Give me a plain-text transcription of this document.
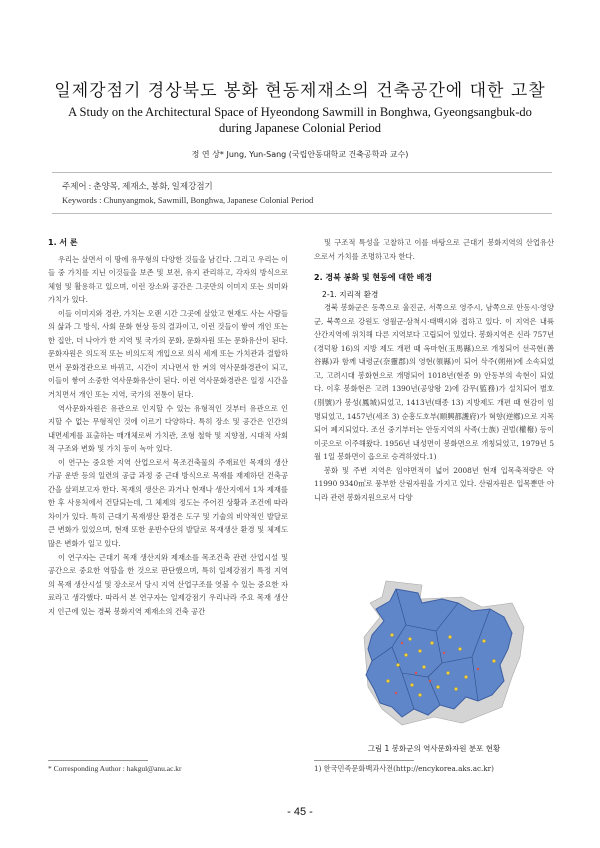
일제강점기 경상북도 봉화 현동제재소의 건축공간에 대한 고찰
A Study on the Architectural Space of Hyeondong Sawmill in Bonghwa, Gyeongsangbuk-do
during Japanese Colonial Period
정 연 상* Jung, Yun-Sang (국립안동대학교 건축공학과 교수)
주제어 : 춘양목, 제재소, 봉화, 일제강점기
Keywords : Chunyangmok, Sawmill, Bonghwa, Japanese Colonial Period
1. 서 론

우리는 살면서 이 땅에 유무형의 다양한 것들을 남긴다. 그리고 우리는 이들 중 가치를 지닌 이것들을 보존 및 보전, 유지 관리하고, 각자의 방식으로 체험 및 활용하고 있으며, 이런 장소와 공간은 그곳만의 이미지 또는 의미와 가치가 있다.

이들 이미지와 경관, 가치는 오랜 시간 그곳에 살았고 현재도 사는 사람들의 삶과 그 방식, 사회 문화 현상 등의 결과이고, 이런 것들이 쌓여 개인 또는 한 집안, 더 나아가 한 지역 및 국가의 문화, 문화자원 또는 문화유산이 된다. 문화자원은 의도적 또는 비의도적 개입으로 의식 세계 또는 가치관과 결합하면서 문화경관으로 바뀌고, 시간이 지나면서 한 켜의 역사문화경관이 되고, 이들이 쌓여 소중한 역사문화유산이 된다. 이런 역사문화경관은 일정 시간을 거치면서 개인 또는 지역, 국가의 전통이 된다.

역사문화자원은 유관으로 인지할 수 있는 유형적인 것부터 유관으로 인지할 수 없는 무형적인 것에 이르기 다양하다. 특히 장소 및 공간은 인간의 내면세계를 표출하는 매개체로써 가치관, 조형 철학 및 지향점, 시대적 사회적 구조와 변화 및 가치 등이 녹아 있다.

이 연구는 중요한 지역 산업으로서 목조건축물의 주재료인 목재의 생산 가공 운반 등의 일련의 공급 과정 중 근대 방식으로 목재를 재제하던 건축공간을 살펴보고자 한다. 목재의 생산은 과거나 현재나 생산지에서 1차 제재를 한 후 사용처에서 건달되는데, 그 체제의 정도는 주어진 상황과 조건에 따라 차이가 있다. 특히 근대기 목재생산 환경은 도구 및 기술의 비약적인 발달로 큰 변화가 있었으며, 현재 또한 운반수단의 발달로 목재생산 환경 및 체제도 많은 변화가 일고 있다.

이 연구자는 근대기 목재 생산지와 제재소를 목조건축 관련 산업시설 및 공간으로 중요한 역할을 한 것으로 판단했으며, 특히 일제강점기 특정 지역의 목재 생산시설 및 장소로서 당시 지역 산업구조를 엿볼 수 있는 중요한 자료라고 생각했다. 따라서 본 연구자는 일제강점기 우리나라 주요 목재 생산지 인근에 있는 경북 봉화지역 제재소의 건축 공간

및 구조적 특성을 고찰하고 이를 바탕으로 근대기 봉화지역의 산업유산으로서 가치를 조명하고자 한다.

2. 경북 봉화 및 현동에 대한 배경
2-1. 지리적 환경

경북 봉화군은 동쪽으로 울진군, 서쪽으로 영주시, 남쪽으로 안동시·영양군, 북쪽으로 강원도 영월군·삼척시·태백시와 접하고 있다. 이 지역은 내륙 산간지역에 위치해 다른 지역보다 고립되어 있었다. 봉화지역은 신라 757년(경덕왕 16)의 지방 제도 개편 때 옥마현(玉馬縣)으로 개칭되어 선곡현(善谷縣)과 함께 내령군(奈靈郡)의 영현(領縣)이 되어 삭주(朔州)에 소속되었고, 고려시대 봉화현으로 개명되어 1018년(현종 9) 안동부의 속현이 되었다. 이후 봉화현은 고려 1390년(공양왕 2)에 감무(監務)가 설치되어 별호(別號)가 봉성(鳳城)되었고, 1413년(태종 13) 지방제도 개편 때 현감이 임명되었고, 1457년(세조 3) 순흥도호부(順興都護府)가 혁향(逆鄕)으로 지목되어 폐지되었다. 조선 중기부터는 안동지역의 사족(士族) 권벌(權橃) 등이 이곳으로 이주해왔다. 1956년 내성면이 봉화면으로 개칭되었고, 1979년 5월 1일 봉화면이 읍으로 승격하였다.1)

봉화 및 주변 지역은 임야면적이 넓어 2008년 현재 입목축적량은 약 11990 9340㎥로 풍부한 산림자원을 가지고 있다. 산림자원은 입목뿐만 아니라 관련 봉화지원으로서 다양

그림 1 봉화군의 역사문화자원 분포 현황
* Corresponding Author : hakgul@anu.ac.kr	1) 한국민족문화백과사전(http://encykorea.aks.ac.kr)
- 45 -
